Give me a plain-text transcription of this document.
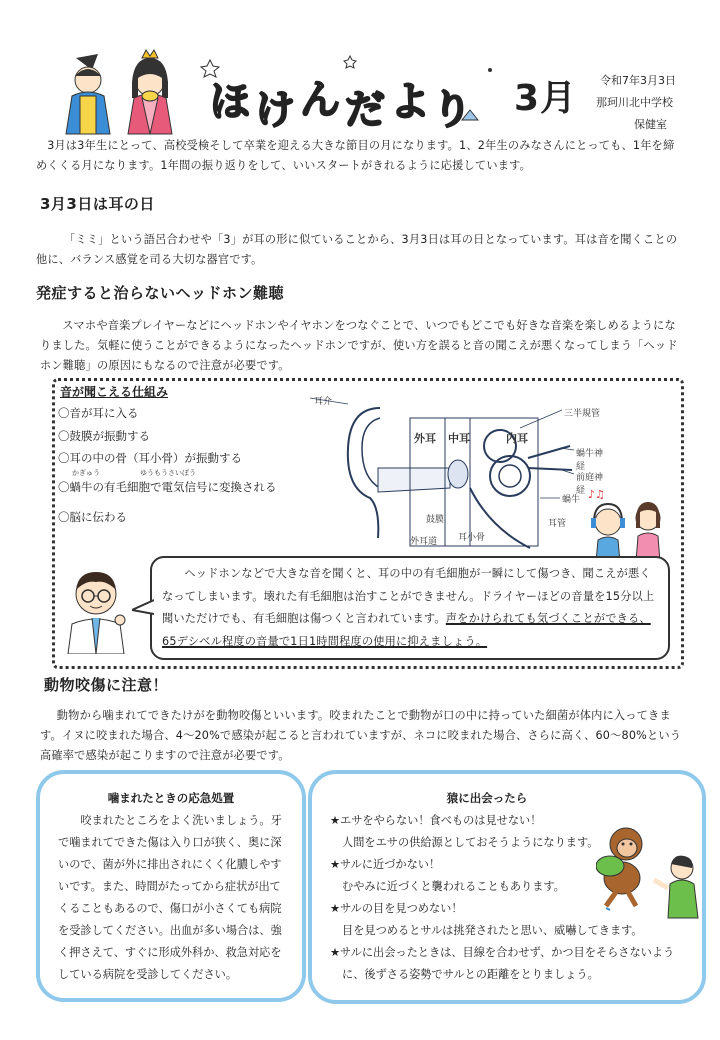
ほ け ん だ よ り 3月 令和7年3月3日
那珂川北中学校
保健室
3月は3年生にとって、高校受検そして卒業を迎える大きな節目の月になります。1、2年生のみなさんにとっても、1年を締めくくる月になります。1年間の振り返りをして、いいスタートがきれるように応援しています。
3月3日は耳の日
「ミミ」という語呂合わせや「3」が耳の形に似ていることから、3月3日は耳の日となっています。耳は音を聞くことの他に、バランス感覚を司る大切な器官です。
発症すると治らないヘッドホン難聴
スマホや音楽プレイヤーなどにヘッドホンやイヤホンをつなぐことで、いつでもどこでも好きな音楽を楽しめるようになりました。気軽に使うことができるようになったヘッドホンですが、使い方を誤ると音の聞こえが悪くなってしまう「ヘッドホン難聴」の原因にもなるので注意が必要です。
音が聞こえる仕組み
〇音が耳に入る
〇鼓膜が振動する
〇耳の中の骨（耳小骨）が振動する
かぎゅう	ゆうもうさいぼう
〇蝸牛の有毛細胞で電気信号に変換される
〇脳に伝わる
耳介
外耳 中耳	内耳
三半規管
蝸牛神経
前庭神経
蝸牛
鼓膜
外耳道 耳小骨
耳管
♪♫
ヘッドホンなどで大きな音を聞くと、耳の中の有毛細胞が一瞬にして傷つき、聞こえが悪くなってしまいます。壊れた有毛細胞は治すことができません。ドライヤーほどの音量を15分以上聞いただけでも、有毛細胞は傷つくと言われています。声をかけられても気づくことができる、65デシベル程度の音量で1日1時間程度の使用に抑えましょう。
動物咬傷に注意！
動物から噛まれてできたけがを動物咬傷といいます。咬まれたことで動物が口の中に持っていた細菌が体内に入ってきます。イヌに咬まれた場合、4～20%で感染が起こると言われていますが、ネコに咬まれた場合、さらに高く、60～80%という高確率で感染が起こりますので注意が必要です。
噛まれたときの応急処置
咬まれたところをよく洗いましょう。牙で噛まれてできた傷は入り口が狭く、奥に深いので、菌が外に排出されにくく化膿しやすいです。また、時間がたってから症状が出てくることもあるので、傷口が小さくても病院を受診してください。出血が多い場合は、強く押さえて、すぐに形成外科か、救急対応をしている病院を受診してください。
猿に出会ったら
★エサをやらない！食べものは見せない！
人間をエサの供給源としておそうようになります。
★サルに近づかない！
むやみに近づくと襲われることもあります。
★サルの目を見つめない！
目を見つめるとサルは挑発されたと思い、威嚇してきます。
★サルに出会ったときは、目線を合わせず、かつ目をそらさないように、後ずさる姿勢でサルとの距離をとりましょう。
